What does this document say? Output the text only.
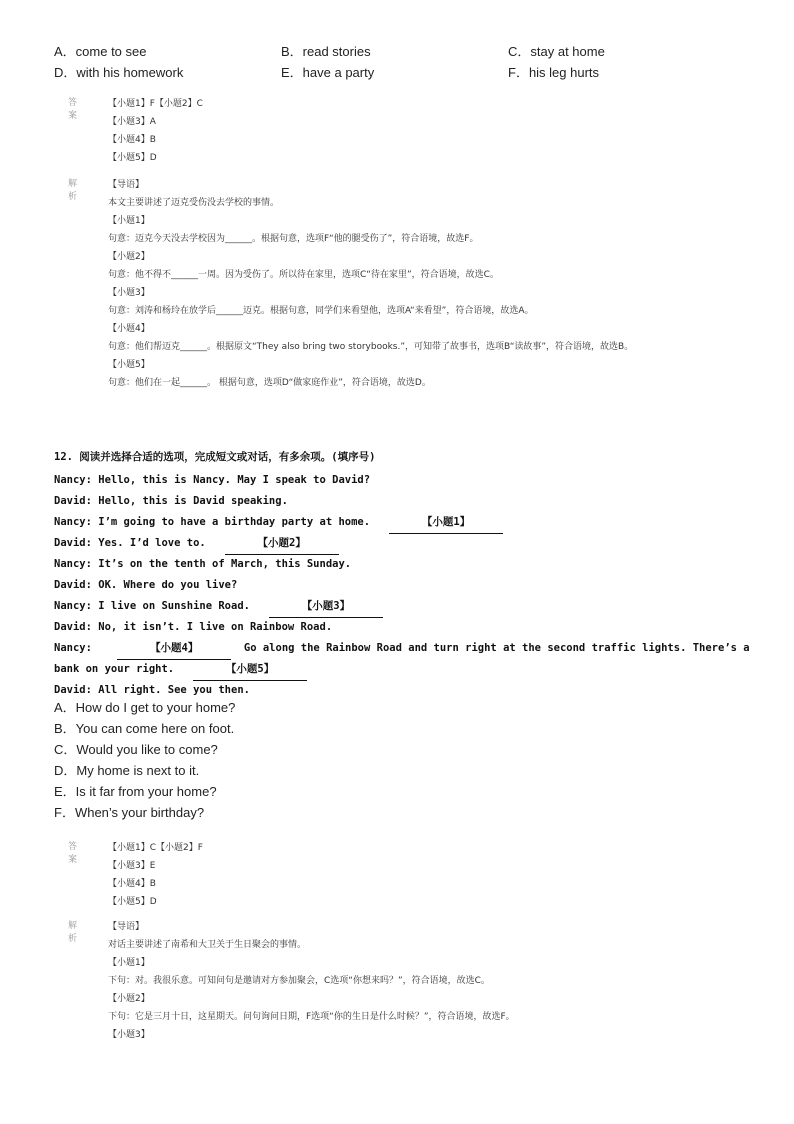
A．come to see	B．read stories	C．stay at home
D．with his homework	E．have a party	F．his leg hurts
答案
【小题1】F【小题2】C
【小题3】A
【小题4】B
【小题5】D
解析
【导语】
本文主要讲述了迈克受伤没去学校的事情。
【小题1】
句意：迈克今天没去学校因为______。根据句意，选项F“他的腿受伤了”，符合语境，故选F。
【小题2】
句意：他不得不______一周。因为受伤了。所以待在家里，选项C“待在家里”，符合语境，故选C。
【小题3】
句意：刘涛和杨玲在放学后______迈克。根据句意，同学们来看望他，选项A“来看望”，符合语境，故选A。
【小题4】
句意：他们帮迈克______。根据原文“They also bring two storybooks.”，可知带了故事书，选项B“读故事”，符合语境，故选B。
【小题5】
句意：他们在一起______。 根据句意，选项D“做家庭作业”，符合语境，故选D。
12. 阅读并选择合适的选项，完成短文或对话，有多余项。(填序号)
Nancy: Hello, this is Nancy. May I speak to David?
David: Hello, this is David speaking.
Nancy: I’m going to have a birthday party at home.	【小题1】
David: Yes. I’d love to.	【小题2】
Nancy: It’s on the tenth of March, this Sunday.
David: OK. Where do you live?
Nancy: I live on Sunshine Road.	【小题3】
David: No, it isn’t. I live on Rainbow Road.
Nancy:	【小题4】	Go along the Rainbow Road and turn right at the second traffic lights. There’s a
bank on your right.	【小题5】
David: All right. See you then.
A．How do I get to your home?
B．You can come here on foot.
C．Would you like to come?
D．My home is next to it.
E．Is it far from your home?
F．When’s your birthday?
答案
【小题1】C【小题2】F
【小题3】E
【小题4】B
【小题5】D
解析
【导语】
对话主要讲述了南希和大卫关于生日聚会的事情。
【小题1】
下句：对。我很乐意。可知问句是邀请对方参加聚会，C选项“你想来吗？”，符合语境，故选C。
【小题2】
下句：它是三月十日，这星期天。问句询问日期，F选项“你的生日是什么时候？”，符合语境，故选F。
【小题3】
